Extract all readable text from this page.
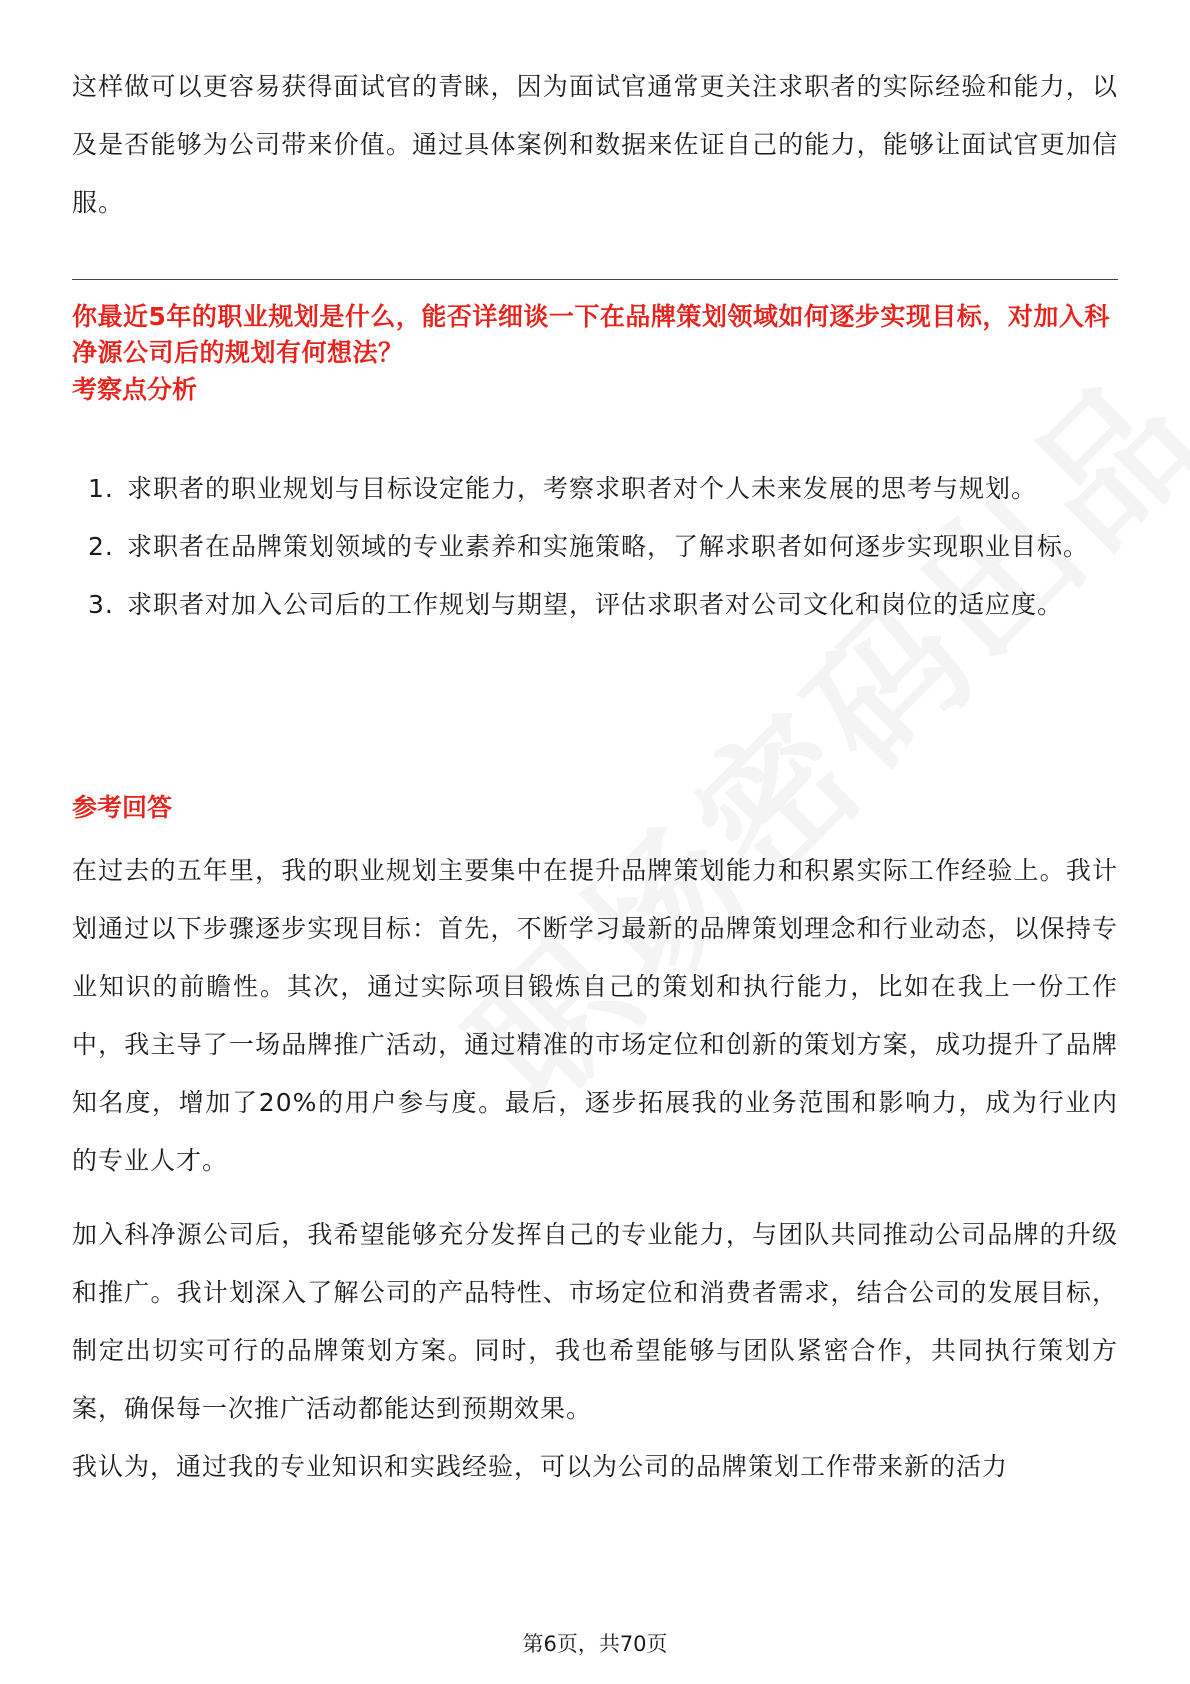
这样做可以更容易获得面试官的青睐，因为面试官通常更关注求职者的实际经验和能力，以及是否能够为公司带来价值。通过具体案例和数据来佐证自己的能力，能够让面试官更加信服。

你最近5年的职业规划是什么，能否详细谈一下在品牌策划领域如何逐步实现目标，对加入科净源公司后的规划有何想法？

考察点分析

1. 求职者的职业规划与目标设定能力，考察求职者对个人未来发展的思考与规划。
2. 求职者在品牌策划领域的专业素养和实施策略，了解求职者如何逐步实现职业目标。
3. 求职者对加入公司后的工作规划与期望，评估求职者对公司文化和岗位的适应度。

参考回答

在过去的五年里，我的职业规划主要集中在提升品牌策划能力和积累实际工作经验上。我计划通过以下步骤逐步实现目标：首先，不断学习最新的品牌策划理念和行业动态，以保持专业知识的前瞻性。其次，通过实际项目锻炼自己的策划和执行能力，比如在我上一份工作中，我主导了一场品牌推广活动，通过精准的市场定位和创新的策划方案，成功提升了品牌知名度，增加了20%的用户参与度。最后，逐步拓展我的业务范围和影响力，成为行业内的专业人才。

加入科净源公司后，我希望能够充分发挥自己的专业能力，与团队共同推动公司品牌的升级和推广。我计划深入了解公司的产品特性、市场定位和消费者需求，结合公司的发展目标，制定出切实可行的品牌策划方案。同时，我也希望能够与团队紧密合作，共同执行策划方案，确保每一次推广活动都能达到预期效果。

我认为，通过我的专业知识和实践经验，可以为公司的品牌策划工作带来新的活力

第6页，共70页
